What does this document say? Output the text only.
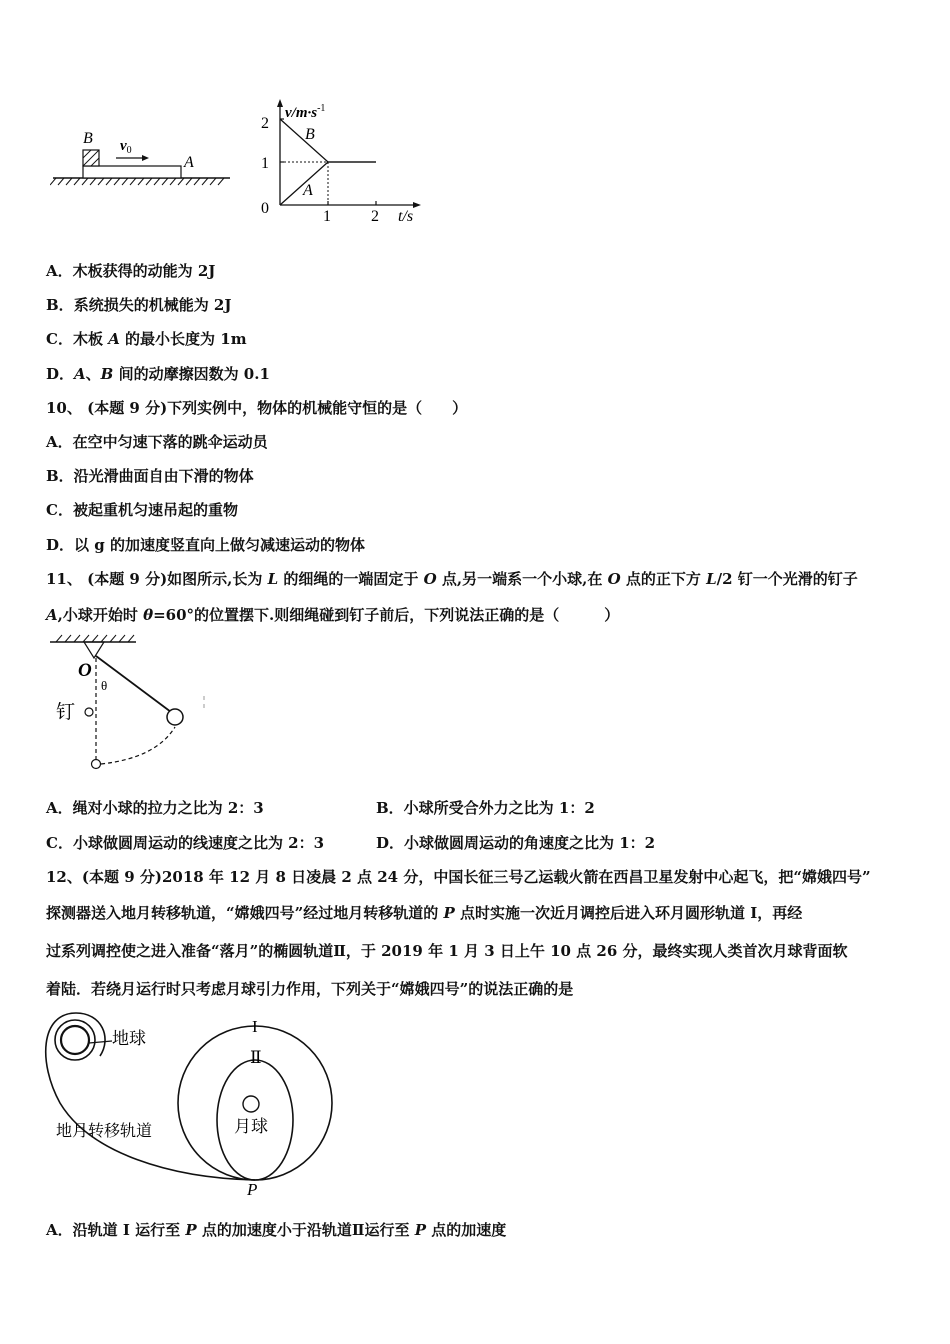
B $v_0$
A
$v/m\cdot s^{-1}$
t/s
2
1
0	1	2
B
A
A．木板获得的动能为 2J
B．系统损失的机械能为 2J
C．木板 A 的最小长度为 1m
D．A、B 间的动摩擦因数为 0.1
10、 (本题 9 分)下列实例中，物体的机械能守恒的是（　　）
A．在空中匀速下落的跳伞运动员
B．沿光滑曲面自由下滑的物体
C．被起重机匀速吊起的重物
D．以 g 的加速度竖直向上做匀减速运动的物体
11、 (本题 9 分)如图所示,长为 L 的细绳的一端固定于 O 点,另一端系一个小球,在 O 点的正下方 L/2 钉一个光滑的钉子
A,小球开始时 θ=60°的位置摆下.则细绳碰到钉子前后，下列说法正确的是（　　　）
O
θ
钉
A．绳对小球的拉力之比为 2：3	B．小球所受合外力之比为 1：2
C．小球做圆周运动的线速度之比为 2：3	D．小球做圆周运动的角速度之比为 1：2
12、(本题 9 分)2018 年 12 月 8 日凌晨 2 点 24 分，中国长征三号乙运载火箭在西昌卫星发射中心起飞，把“嫦娥四号”
探测器送入地月转移轨道，“嫦娥四号”经过地月转移轨道的 P 点时实施一次近月调控后进入环月圆形轨道 I，再经
过系列调控使之进入准备“落月”的椭圆轨道Ⅱ，于 2019 年 1 月 3 日上午 10 点 26 分，最终实现人类首次月球背面软
着陆．若绕月运行时只考虑月球引力作用，下列关于“嫦娥四号”的说法正确的是
地球
地月转移轨道
I
Ⅱ
月球
P
A．沿轨道 I 运行至 P 点的加速度小于沿轨道Ⅱ运行至 P 点的加速度
